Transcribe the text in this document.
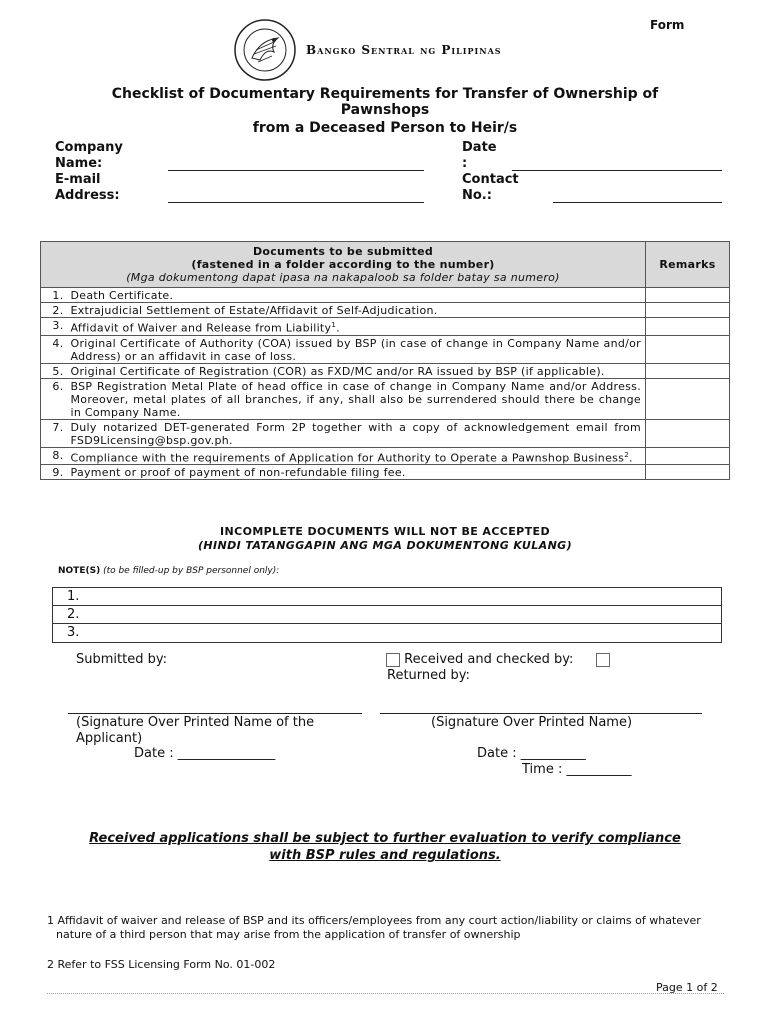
Bangko Sentral ng Pilipinas
Form
Checklist of Documentary Requirements for Transfer of Ownership of
Pawnshops
from a Deceased Person to Heir/s
Company
Name:
E-mail
Address:
Date
:
Contact
No.:
Documents to be submitted
(fastened in a folder according to the number)
(Mga dokumentong dapat ipasa na nakapaloob sa folder batay sa numero)		Remarks
1.	Death Certificate.	
2.	Extrajudicial Settlement of Estate/Affidavit of Self-Adjudication.	
3.	Affidavit of Waiver and Release from Liability$^1$.	
4.	Original Certificate of Authority (COA) issued by BSP (in case of change in Company Name and/or Address) or an affidavit in case of loss.	
5.	Original Certificate of Registration (COR) as FXD/MC and/or RA issued by BSP (if applicable).	
6.	BSP Registration Metal Plate of head office in case of change in Company Name and/or Address. Moreover, metal plates of all branches, if any, shall also be surrendered should there be change in Company Name.	
7.	Duly notarized DET-generated Form 2P together with a copy of acknowledgement email from FSD9Licensing@bsp.gov.ph.	
8.	Compliance with the requirements of Application for Authority to Operate a Pawnshop Business$^2$.	
9.	Payment or proof of payment of non-refundable filing fee.	
INCOMPLETE DOCUMENTS WILL NOT BE ACCEPTED
(HINDI TATANGGAPIN ANG MGA DOKUMENTONG KULANG)
NOTE(S) (to be filled-up by BSP personnel only):
1.
2.
3.
Submitted by:	Received and checked by:
Returned by:
(Signature Over Printed Name of the
Applicant)
(Signature Over Printed Name)
Date : _______________	Date : __________
Time : __________
Received applications shall be subject to further evaluation to verify compliance
with BSP rules and regulations.
1 Affidavit of waiver and release of BSP and its officers/employees from any court action/liability or claims of whatever nature of a third person that may arise from the application of transfer of ownership
2 Refer to FSS Licensing Form No. 01-002
Page 1 of 2
